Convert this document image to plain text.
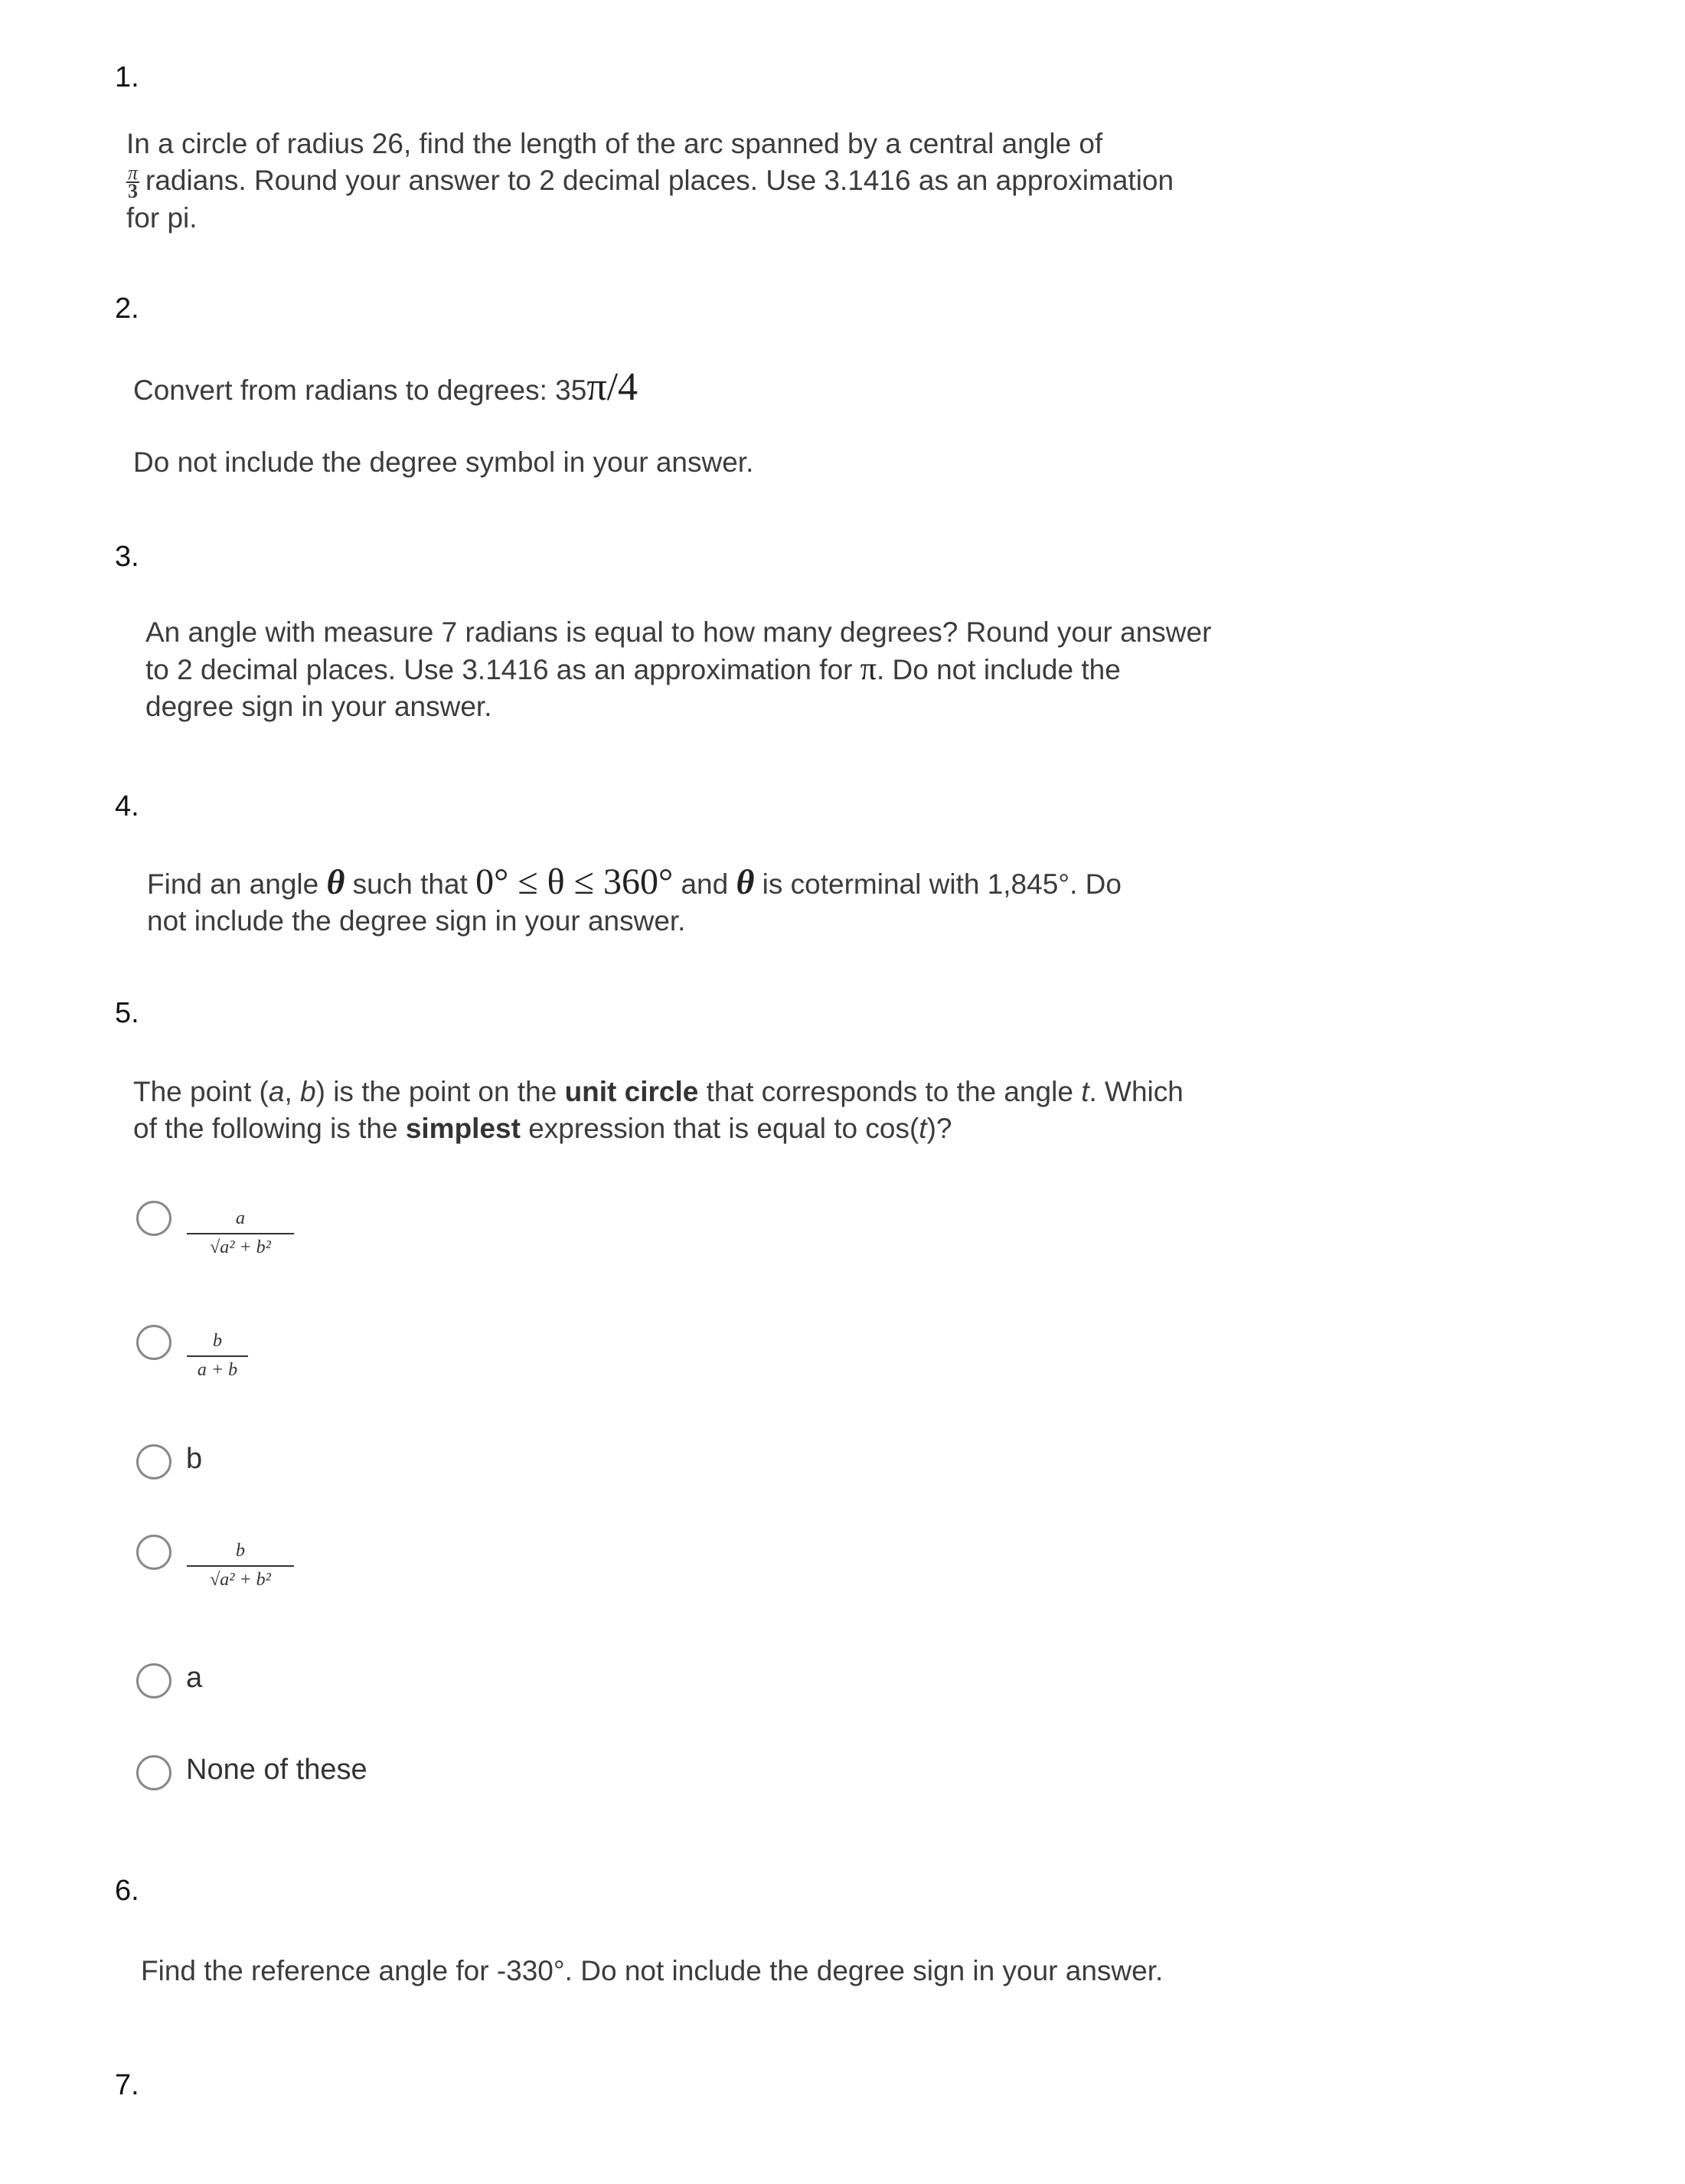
1.
In a circle of radius 26, find the length of the arc spanned by a central angle of
$\frac{\pi}{3}$ radians. Round your answer to 2 decimal places. Use 3.1416 as an approximation
for pi.
2.
Convert from radians to degrees: 35π/4
Do not include the degree symbol in your answer.
3.
An angle with measure 7 radians is equal to how many degrees? Round your answer
to 2 decimal places. Use 3.1416 as an approximation for π. Do not include the
degree sign in your answer.
4.
Find an angle θ such that 0° ≤ θ ≤ 360° and θ is coterminal with 1,845°. Do
not include the degree sign in your answer.
5.
The point (a, b) is the point on the unit circle that corresponds to the angle t. Which
of the following is the simplest expression that is equal to cos(t)?
a
√a² + b²
b
a + b
b
b
√a² + b²
a
None of these
6.
Find the reference angle for -330°. Do not include the degree sign in your answer.
7.
